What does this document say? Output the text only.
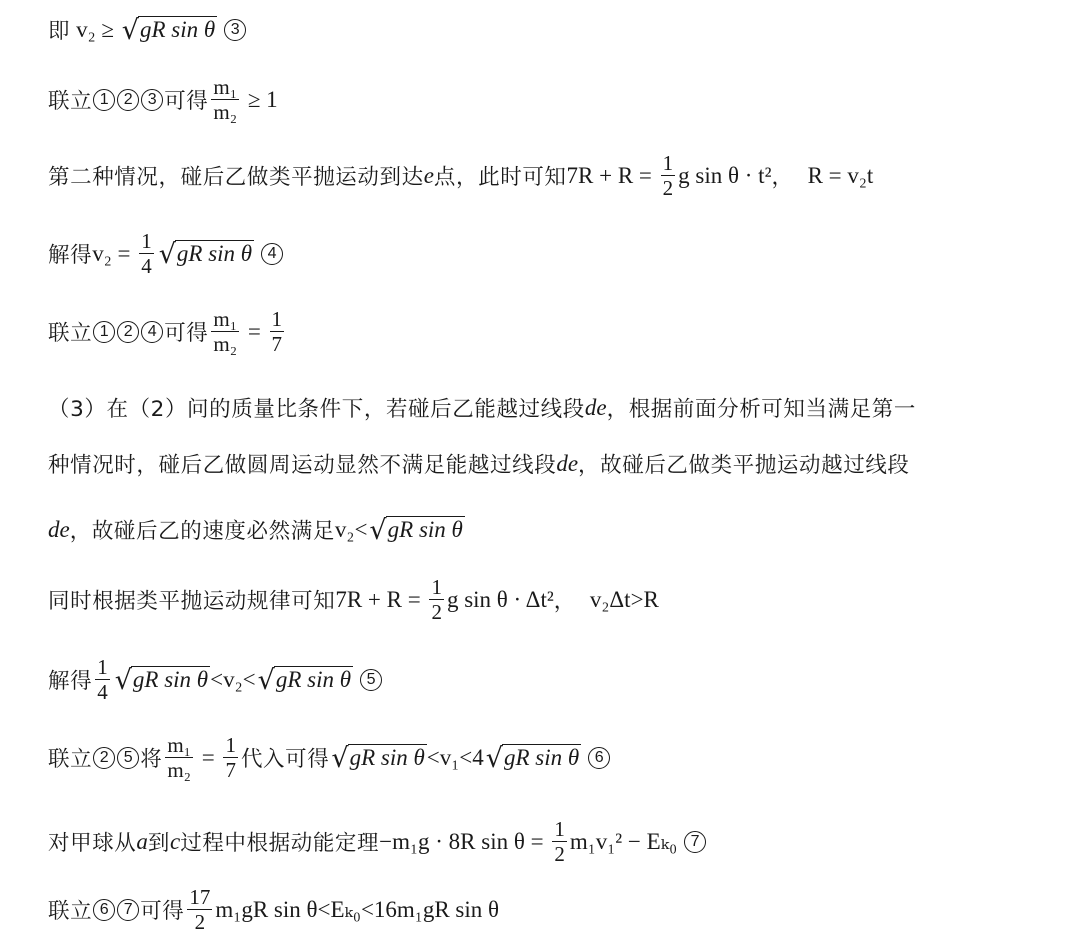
即 v₂ ≥ √ gR sin θ 3
联立 1 2 3 可得 $\frac{\text{m₁}}{\text{m₂}} \ge 1$
第二种情况，碰后乙做类平抛运动到达 e 点，此时可知 $7R + R = \frac{1}{2}$ g sin θ · t² ， R = v₂t
解得 $v_2 = \frac{1}{4}$ √ gR sin θ 4
联立 1 2 4 可得 $\frac{\text{m₁}}{\text{m₂}} = \frac{1}{7}$
（3）在（2）问的质量比条件下，若碰后乙能越过线段 de ，根据前面分析可知当满足第一
种情况时，碰后乙做圆周运动显然不满足能越过线段 de ，故碰后乙做类平抛运动越过线段
de ，故碰后乙的速度必然满足 v₂< √ gR sin θ
同时根据类平抛运动规律可知 $7R + R = \frac{1}{2}$ g sin θ · Δt² ， v₂Δt>R
解得 $\frac{1}{4}$ √ gR sin θ <v₂< √ gR sin θ 5
联立 2 5 将 $\frac{\text{m₁}}{\text{m₂}} = \frac{1}{7}$ 代入可得 √ gR sin θ <v₁<4 √ gR sin θ 6
对甲球从 a 到 c 过程中根据动能定理 −m₁g · 8R $\sin \theta = \frac{1}{2} m_1v_1^2 - E_{k0}$ 7
联立 6 7 可得 $\frac{17}{2} m_1gR$ sin θ<Eₖ₀<16m₁gR sin θ
